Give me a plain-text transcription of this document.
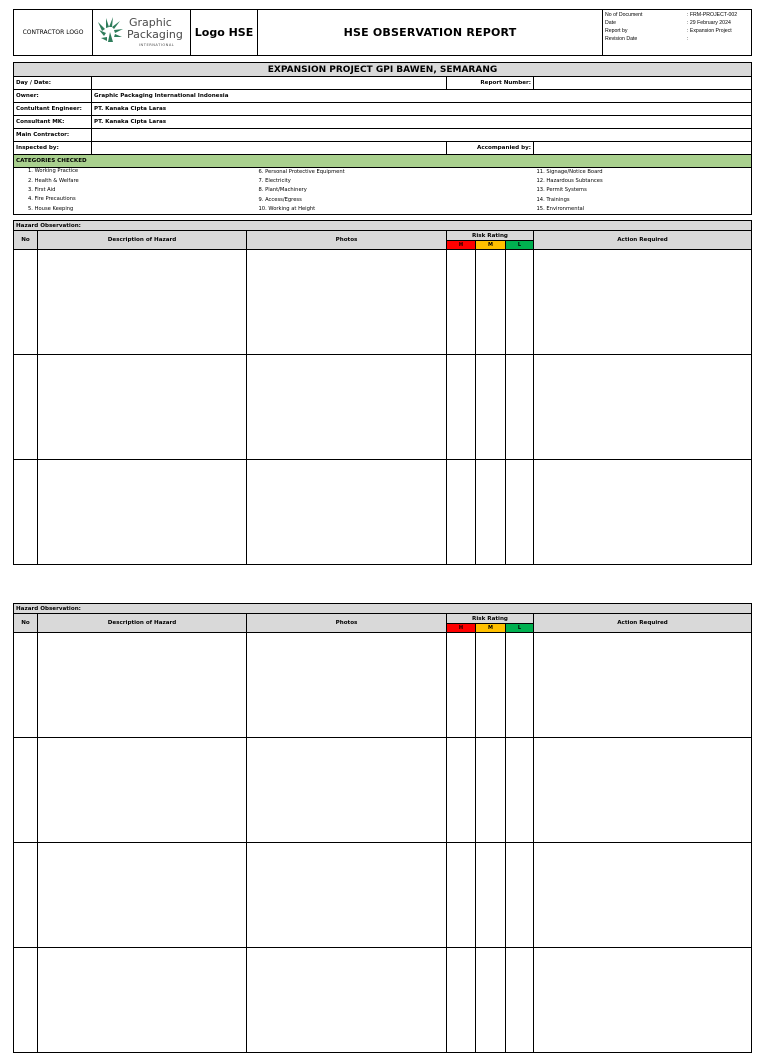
CONTRACTOR LOGO	
Graphic
Packaging
INTERNATIONAL
	Logo HSE	HSE OBSERVATION REPORT	
No of Document	: FRM-PROJECT-002
Date	: 29 February 2024
Report by	: Expansion Project
Revision Date	:
EXPANSION PROJECT GPI BAWEN, SEMARANG			
Day / Date:		Report Number:	
Owner:	Graphic Packaging International Indonesia		
Contultant Engineer:	PT. Kanaka Cipta Laras		
Consultant MK:	PT. Kanaka Cipta Laras		
Main Contractor:			
Inspected by:		Accompanied by:	
CATEGORIES CHECKED			
1. Working Practice	6. Personal Protective Equipment	11. Signage/Notice Board
2. Health & Welfare	7. Electricity	12. Hazardous Subtances
3. First Aid	8. Plant/Machinery	13. Permit Systems
4. Fire Precautions	9. Access/Egress	14. Trainings
5. House Keeping	10. Working at Height	15. Environmental
Hazard Observation:						
No	Description of Hazard	Photos	Risk Rating			Action Required
			H	M	L	

Hazard Observation:						
No	Description of Hazard	Photos	Risk Rating			Action Required
			H	M	L	
